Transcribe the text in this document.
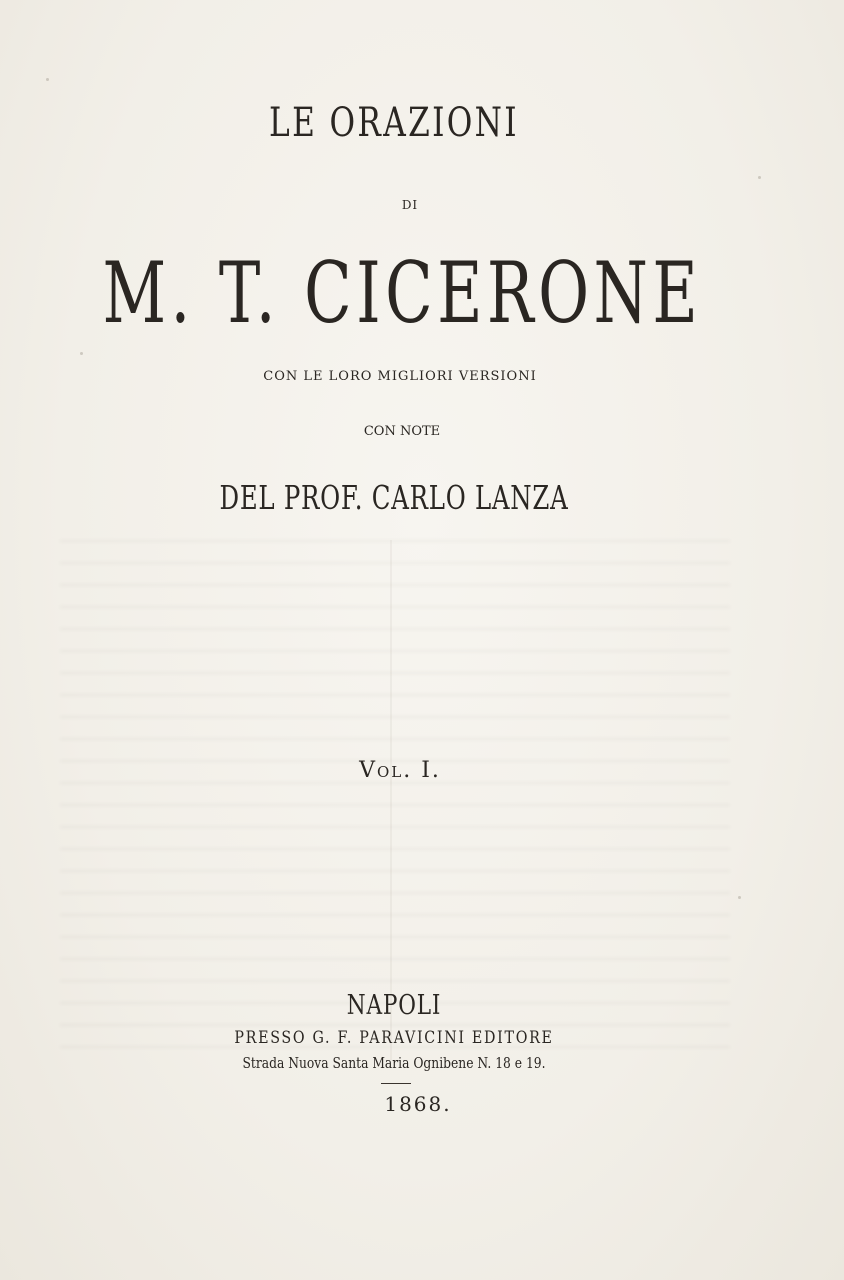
LE ORAZIONI
DI
M. T. CICERONE
CON LE LORO MIGLIORI VERSIONI
CON NOTE
DEL PROF. CARLO LANZA
Vol. I.
NAPOLI
PRESSO G. F. PARAVICINI EDITORE
Strada Nuova Santa Maria Ognibene N. 18 e 19.
1868.
